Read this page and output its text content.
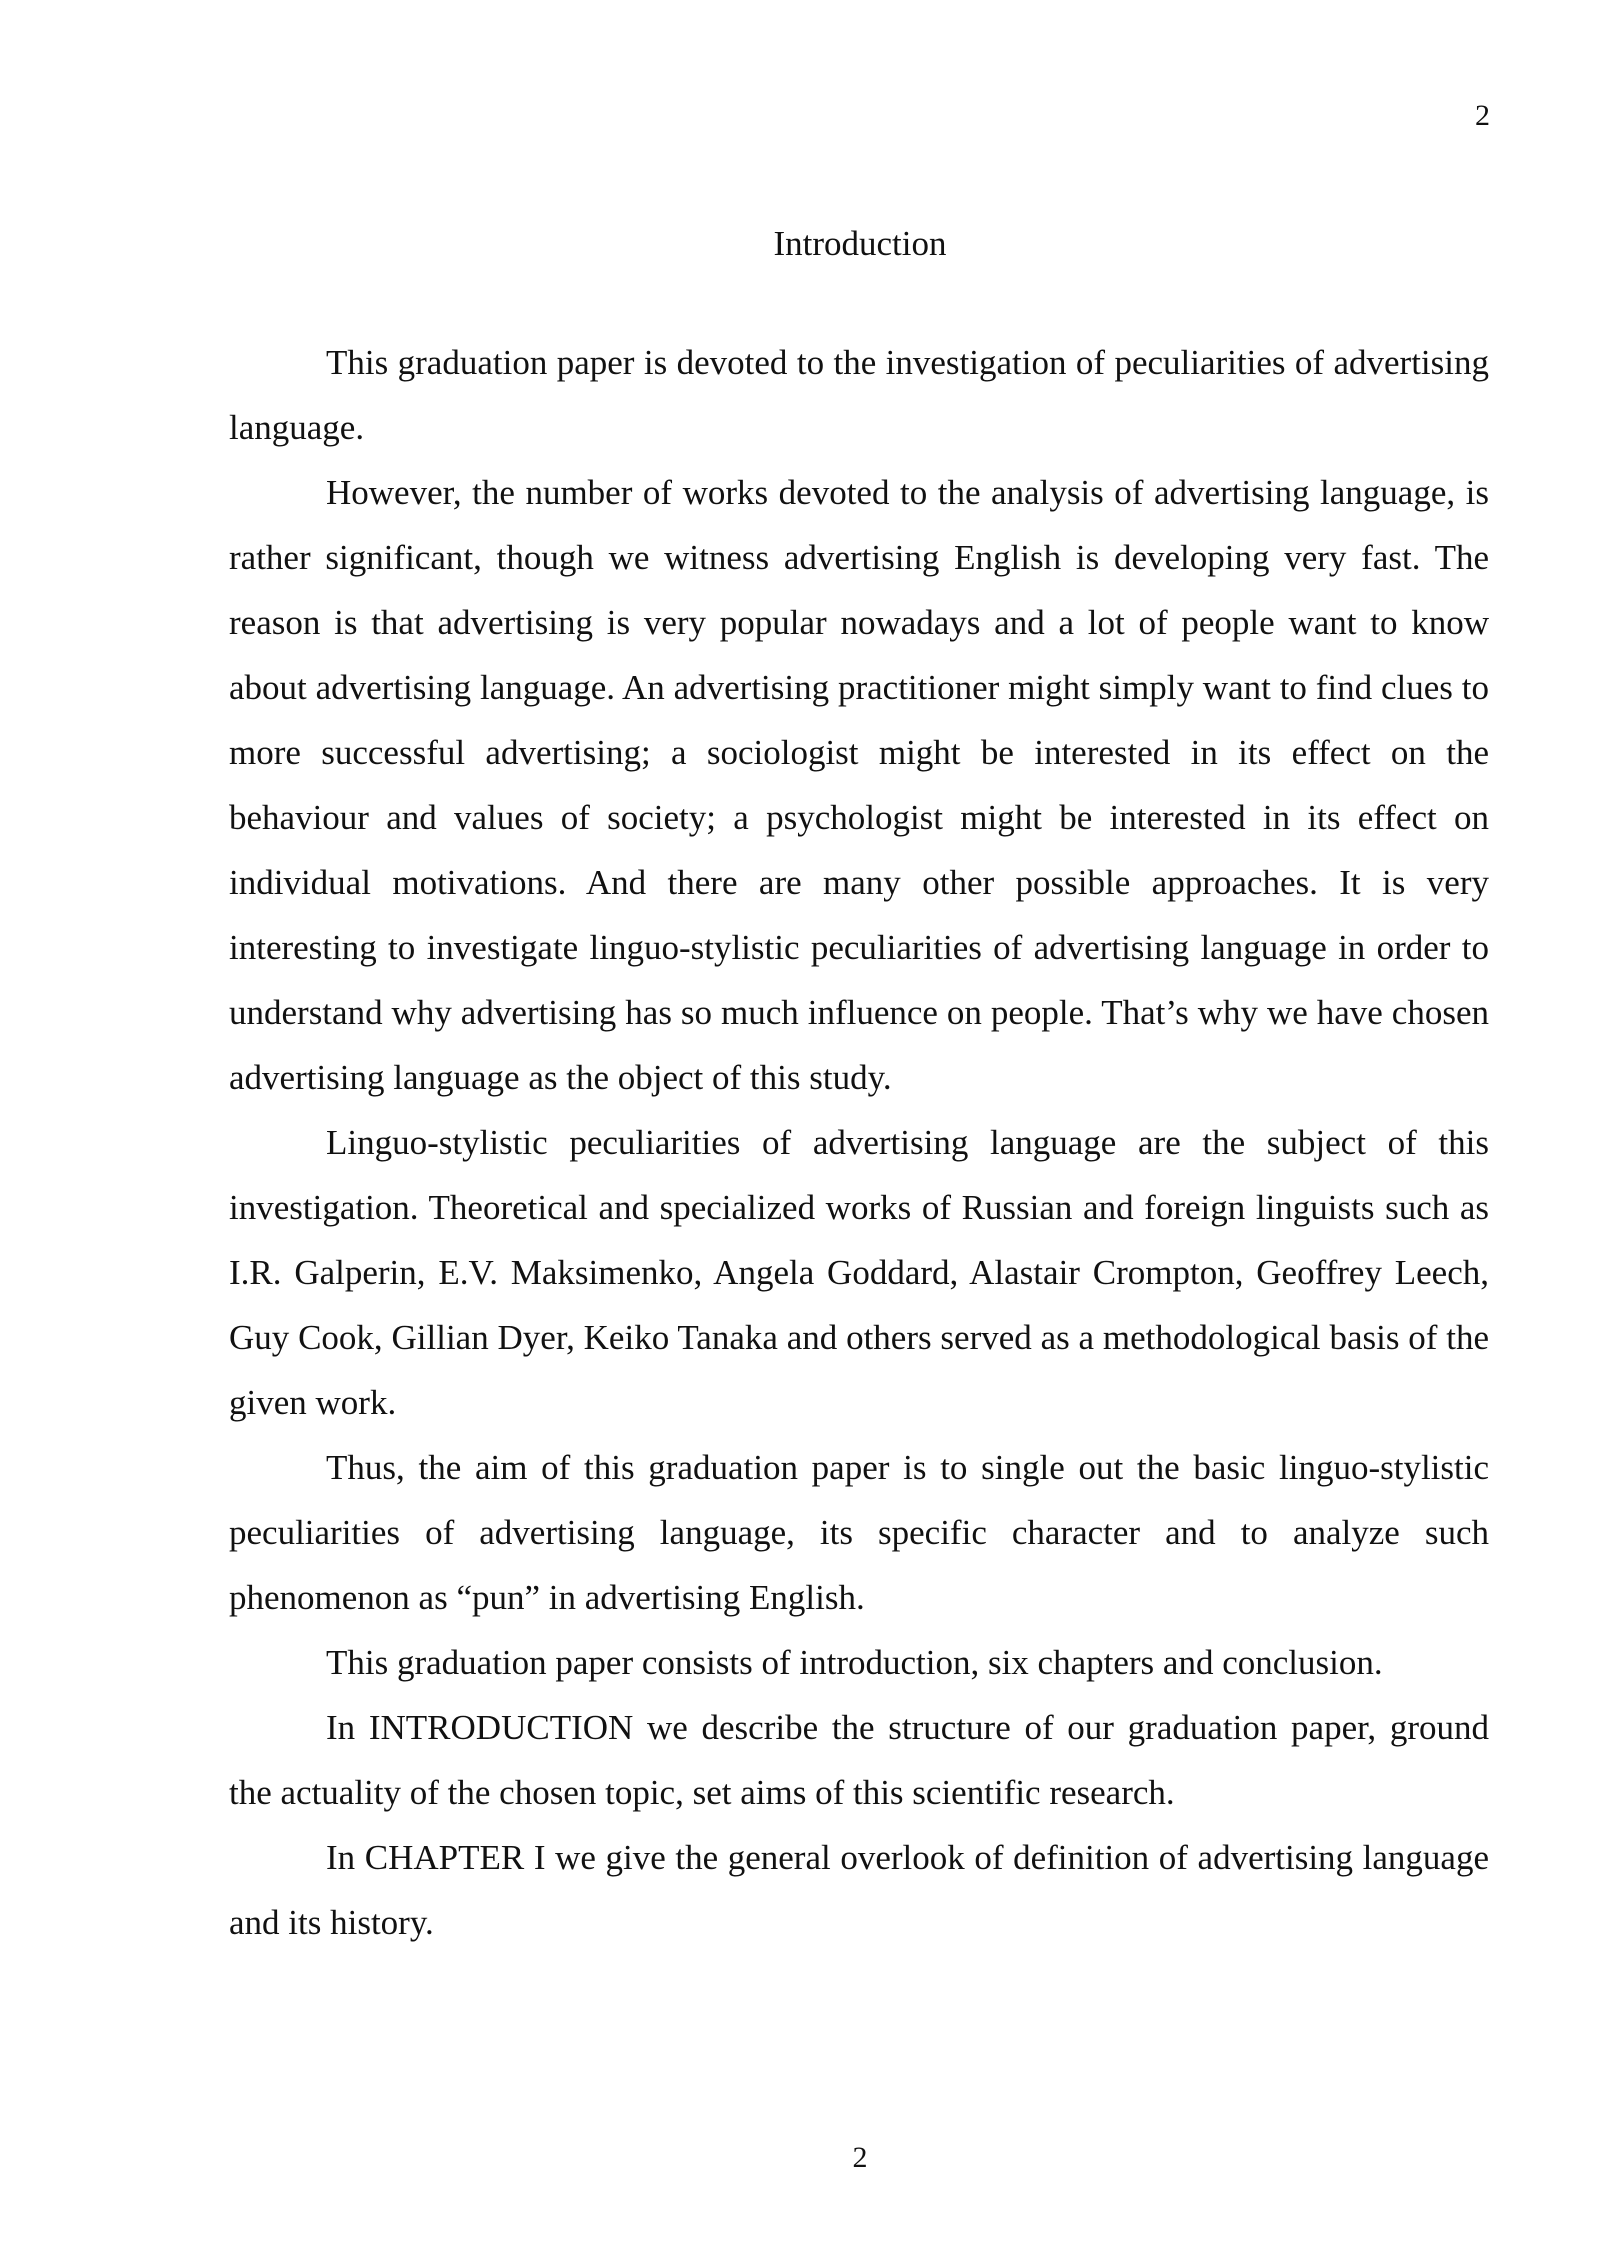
2
Introduction

This graduation paper is devoted to the investigation of peculiarities of advertising language.

However, the number of works devoted to the analysis of advertising language, is rather significant, though we witness advertising English is developing very fast. The reason is that advertising is very popular nowadays and a lot of people want to know about advertising language. An advertising practitioner might simply want to find clues to more successful advertising; a sociologist might be interested in its effect on the behaviour and values of society; a psychologist might be interested in its effect on individual motivations. And there are many other possible approaches. It is very interesting to investigate linguo-stylistic peculiarities of advertising language in order to understand why advertising has so much influence on people. That’s why we have chosen advertising language as the object of this study.

Linguo-stylistic peculiarities of advertising language are the subject of this investigation. Theoretical and specialized works of Russian and foreign linguists such as I.R. Galperin, E.V. Maksimenko, Angela Goddard, Alastair Crompton, Geoffrey Leech, Guy Cook, Gillian Dyer, Keiko Tanaka and others served as a methodological basis of the given work.

Thus, the aim of this graduation paper is to single out the basic linguo-stylistic peculiarities of advertising language, its specific character and to analyze such phenomenon as “pun” in advertising English.

This graduation paper consists of introduction, six chapters and conclusion.

In INTRODUCTION we describe the structure of our graduation paper, ground the actuality of the chosen topic, set aims of this scientific research.

In CHAPTER I we give the general overlook of definition of advertising language and its history.

2
